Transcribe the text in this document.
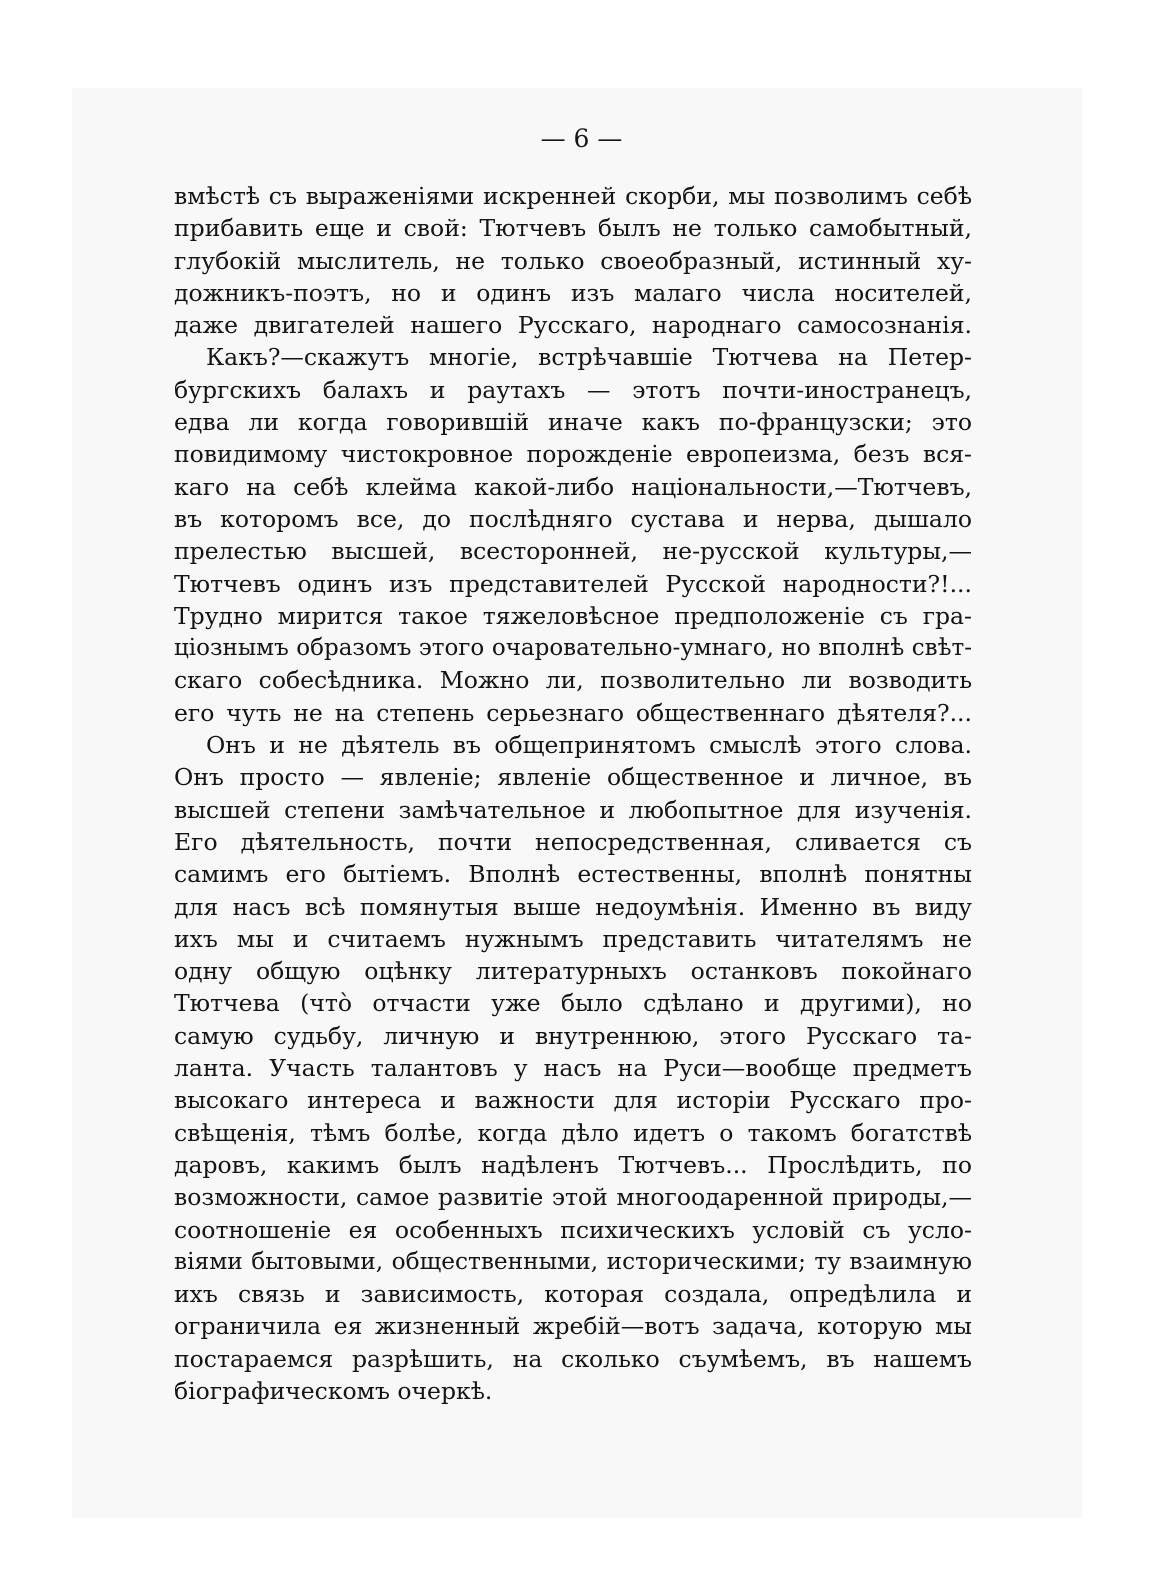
— 6 —
вмѣстѣ съ выраженіями искренней скорби, мы позволимъ себѣ
прибавить еще и свой: Тютчевъ былъ не только самобытный,
глубокій мыслитель, не только своеобразный, истинный ху-
дожникъ-поэтъ, но и одинъ изъ малаго числа носителей,
даже двигателей нашего Русскаго, народнаго самосознанія.
Какъ?—скажутъ многіе, встрѣчавшіе Тютчева на Петер-
бургскихъ балахъ и раутахъ — этотъ почти-иностранецъ,
едва ли когда говорившій иначе какъ по-французски; это
повидимому чистокровное порожденіе европеизма, безъ вся-
каго на себѣ клейма какой-либо національности,—Тютчевъ,
въ которомъ все, до послѣдняго сустава и нерва, дышало
прелестью высшей, всесторонней, не-русской культуры,—
Тютчевъ одинъ изъ представителей Русской народности?!...
Трудно мирится такое тяжеловѣсное предположеніе съ гра-
ціознымъ образомъ этого очаровательно-умнаго, но вполнѣ свѣт-
скаго собесѣдника. Можно ли, позволительно ли возводить
его чуть не на степень серьезнаго общественнаго дѣятеля?...
Онъ и не дѣятель въ общепринятомъ смыслѣ этого слова.
Онъ просто — явленіе; явленіе общественное и личное, въ
высшей степени замѣчательное и любопытное для изученія.
Его дѣятельность, почти непосредственная, сливается съ
самимъ его бытіемъ. Вполнѣ естественны, вполнѣ понятны
для насъ всѣ помянутыя выше недоумѣнія. Именно въ виду
ихъ мы и считаемъ нужнымъ представить читателямъ не
одну общую оцѣнку литературныхъ останковъ покойнаго
Тютчева (что̀ отчасти уже было сдѣлано и другими), но
самую судьбу, личную и внутреннюю, этого Русскаго та-
ланта. Участь талантовъ у насъ на Руси—вообще предметъ
высокаго интереса и важности для исторіи Русскаго про-
свѣщенія, тѣмъ болѣе, когда дѣло идетъ о такомъ богатствѣ
даровъ, какимъ былъ надѣленъ Тютчевъ... Прослѣдить, по
возможности, самое развитіе этой многоодаренной природы,—
соотношеніе ея особенныхъ психическихъ условій съ усло-
віями бытовыми, общественными, историческими; ту взаимную
ихъ связь и зависимость, которая создала, опредѣлила и
ограничила ея жизненный жребій—вотъ задача, которую мы
постараемся разрѣшить, на сколько съумѣемъ, въ нашемъ
біографическомъ очеркѣ.
